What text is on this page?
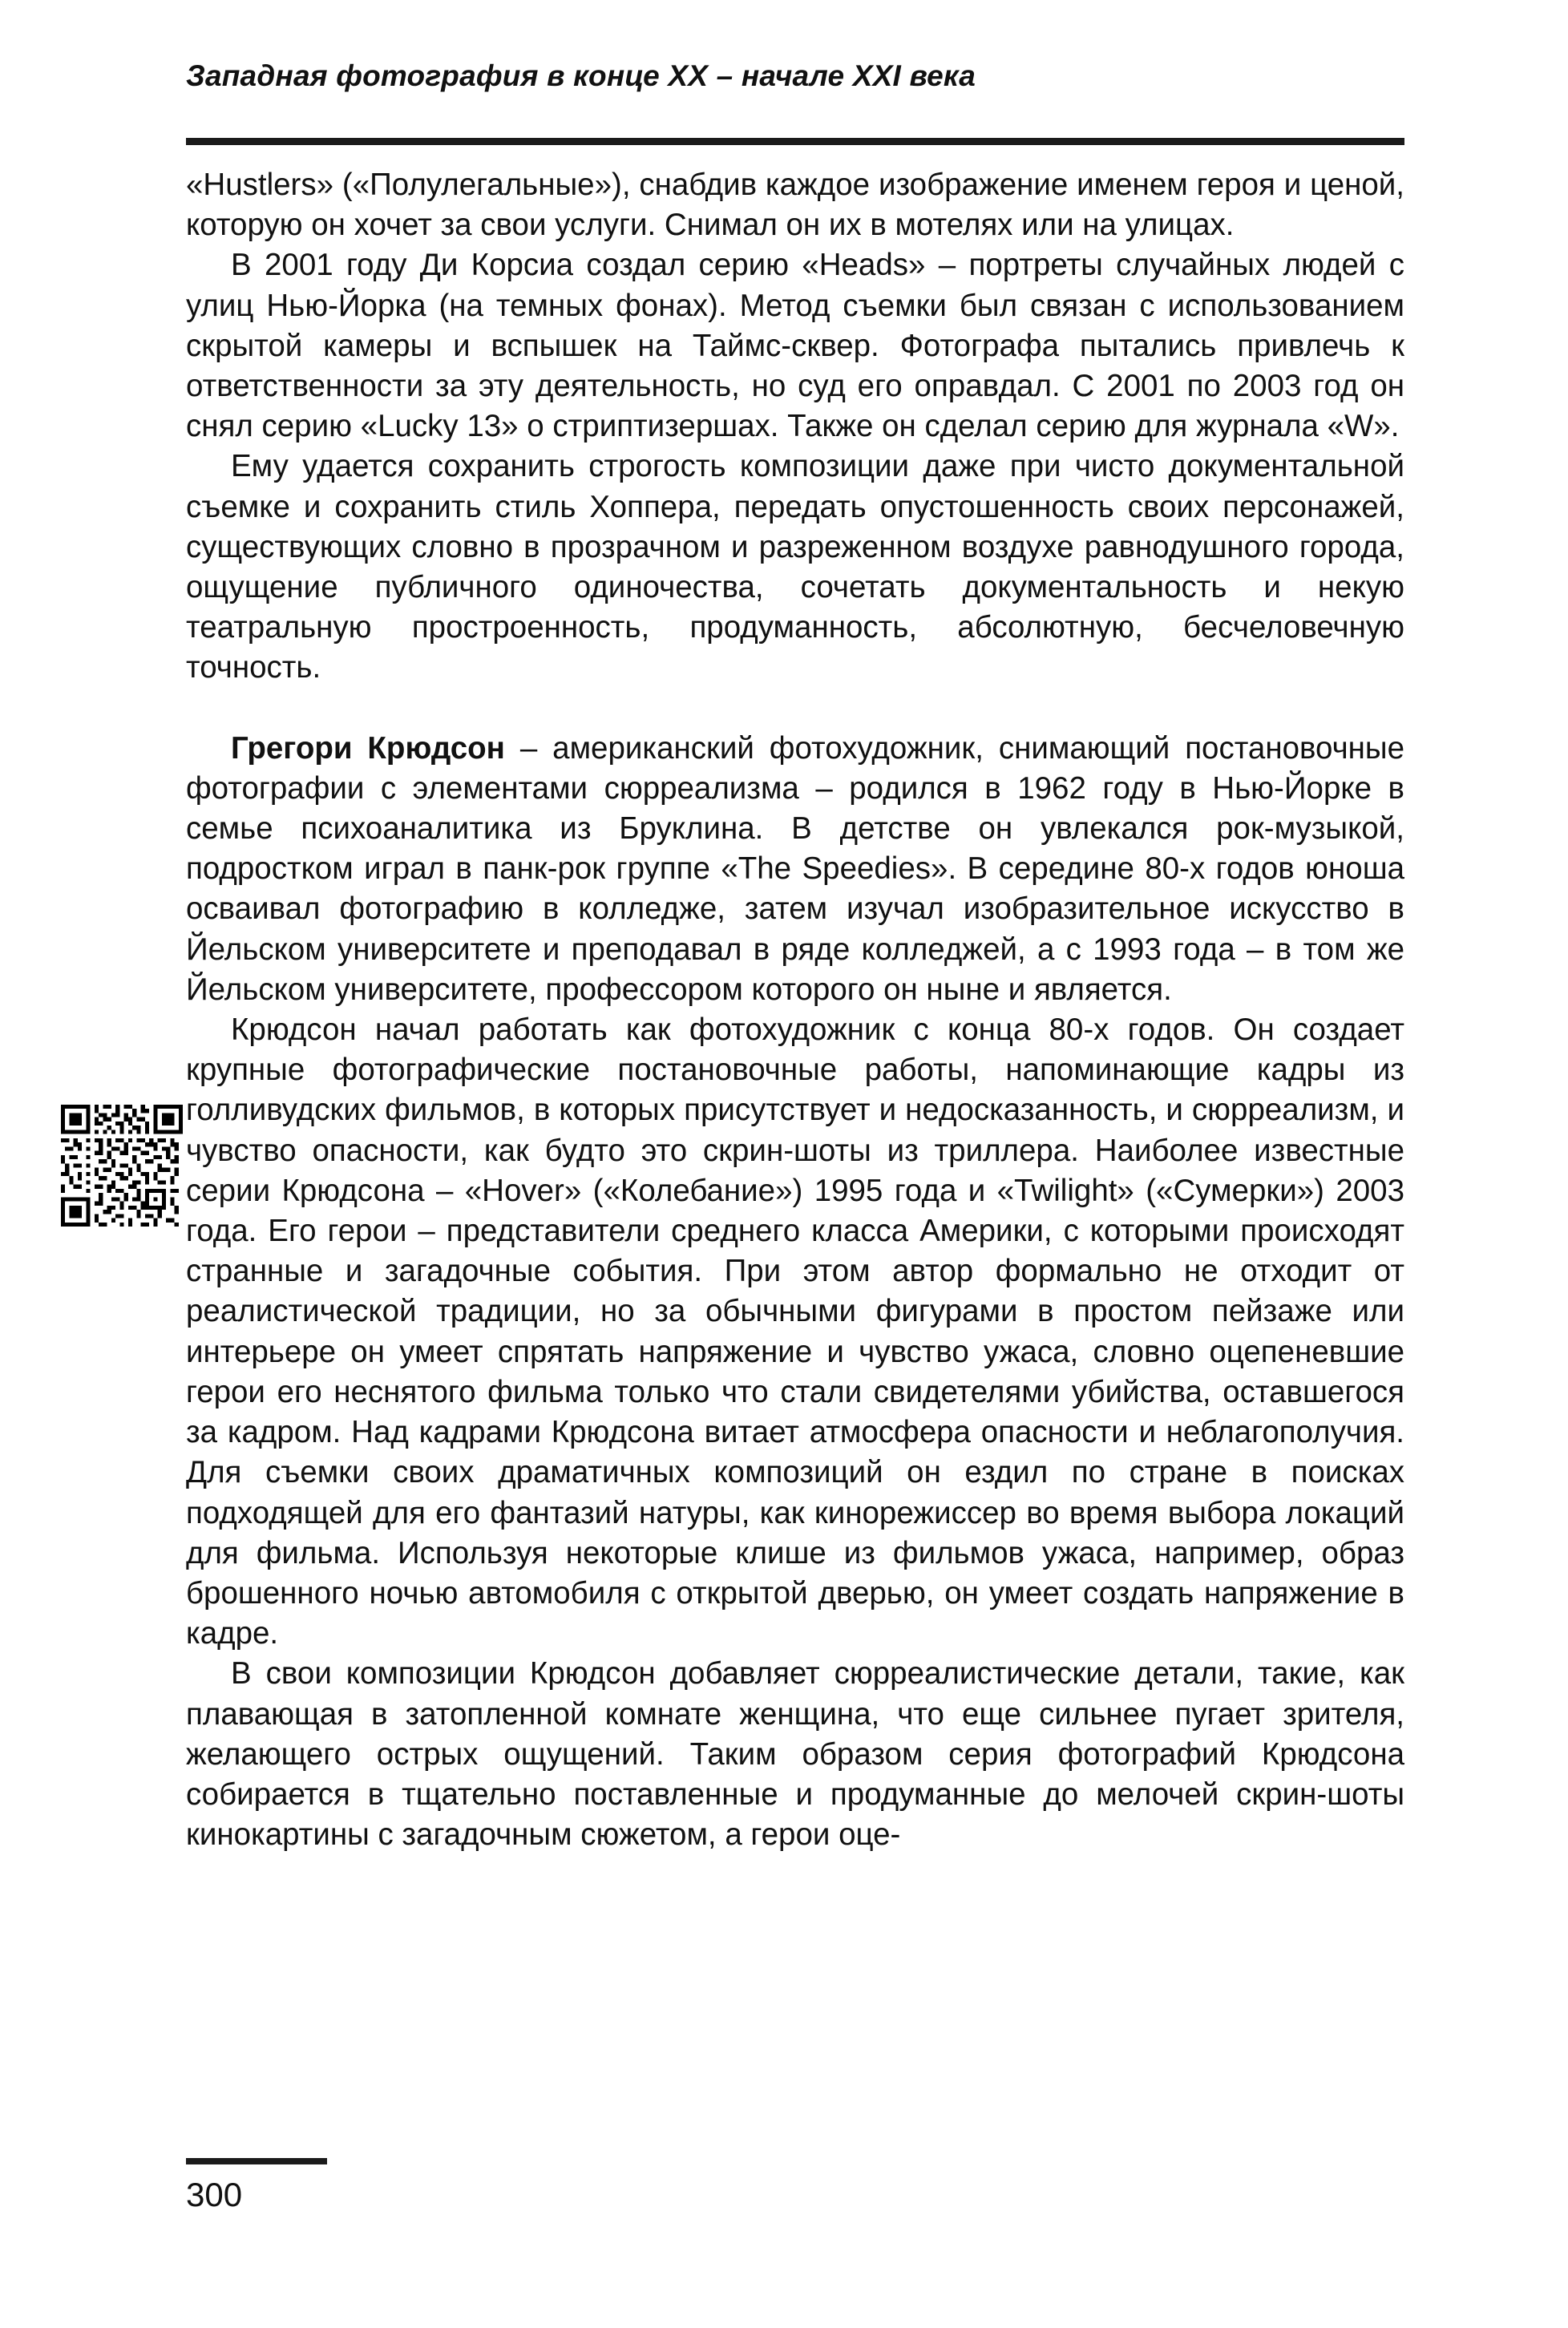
Западная фотография в конце XX – начале XXI века

«Hustlers» («Полулегальные»), снабдив каждое изображение именем героя и ценой, которую он хочет за свои услуги. Снимал он их в мотелях или на улицах.

В 2001 году Ди Корсиа создал серию «Heads» – портреты случайных людей с улиц Нью-Йорка (на темных фонах). Метод съемки был связан с использованием скрытой камеры и вспышек на Таймс-сквер. Фотографа пытались привлечь к ответственности за эту деятельность, но суд его оправдал. С 2001 по 2003 год он снял серию «Lucky 13» о стриптизершах. Также он сделал серию для журнала «W».

Ему удается сохранить строгость композиции даже при чисто документальной съемке и сохранить стиль Хоппера, передать опустошенность своих персонажей, существующих словно в прозрачном и разреженном воздухе равнодушного города, ощущение публичного одиночества, сочетать документальность и некую театральную простроенность, продуманность, абсолютную, бесчеловечную точность.

Грегори Крюдсон – американский фотохудожник, снимающий постановочные фотографии с элементами сюрреализма – родился в 1962 году в Нью-Йорке в семье психоаналитика из Бруклина. В детстве он увлекался рок-музыкой, подростком играл в панк-рок группе «The Speedies». В середине 80-х годов юноша осваивал фотографию в колледже, затем изучал изобразительное искусство в Йельском университете и преподавал в ряде колледжей, а с 1993 года – в том же Йельском университете, профессором которого он ныне и является.

Крюдсон начал работать как фотохудожник с конца 80-х годов. Он создает крупные фотографические постановочные работы, напоминающие кадры из голливудских фильмов, в которых присутствует и недосказанность, и сюрреализм, и чувство опасности, как будто это скрин-шоты из триллера. Наиболее известные серии Крюдсона – «Hover» («Колебание») 1995 года и «Twilight» («Сумерки») 2003 года. Его герои – представители среднего класса Америки, с которыми происходят странные и загадочные события. При этом автор формально не отходит от реалистической традиции, но за обычными фигурами в простом пейзаже или интерьере он умеет спрятать напряжение и чувство ужаса, словно оцепеневшие герои его неснятого фильма только что стали свидетелями убийства, оставшегося за кадром. Над кадрами Крюдсона витает атмосфера опасности и неблагополучия. Для съемки своих драматичных композиций он ездил по стране в поисках подходящей для его фантазий натуры, как кинорежиссер во время выбора локаций для фильма. Используя некоторые клише из фильмов ужаса, например, образ брошенного ночью автомобиля с открытой дверью, он умеет создать напряжение в кадре.

В свои композиции Крюдсон добавляет сюрреалистические детали, такие, как плавающая в затопленной комнате женщина, что еще сильнее пугает зрителя, желающего острых ощущений. Таким образом серия фотографий Крюдсона собирается в тщательно поставленные и продуманные до мелочей скрин-шоты кинокартины с загадочным сюжетом, а герои оце-

300
